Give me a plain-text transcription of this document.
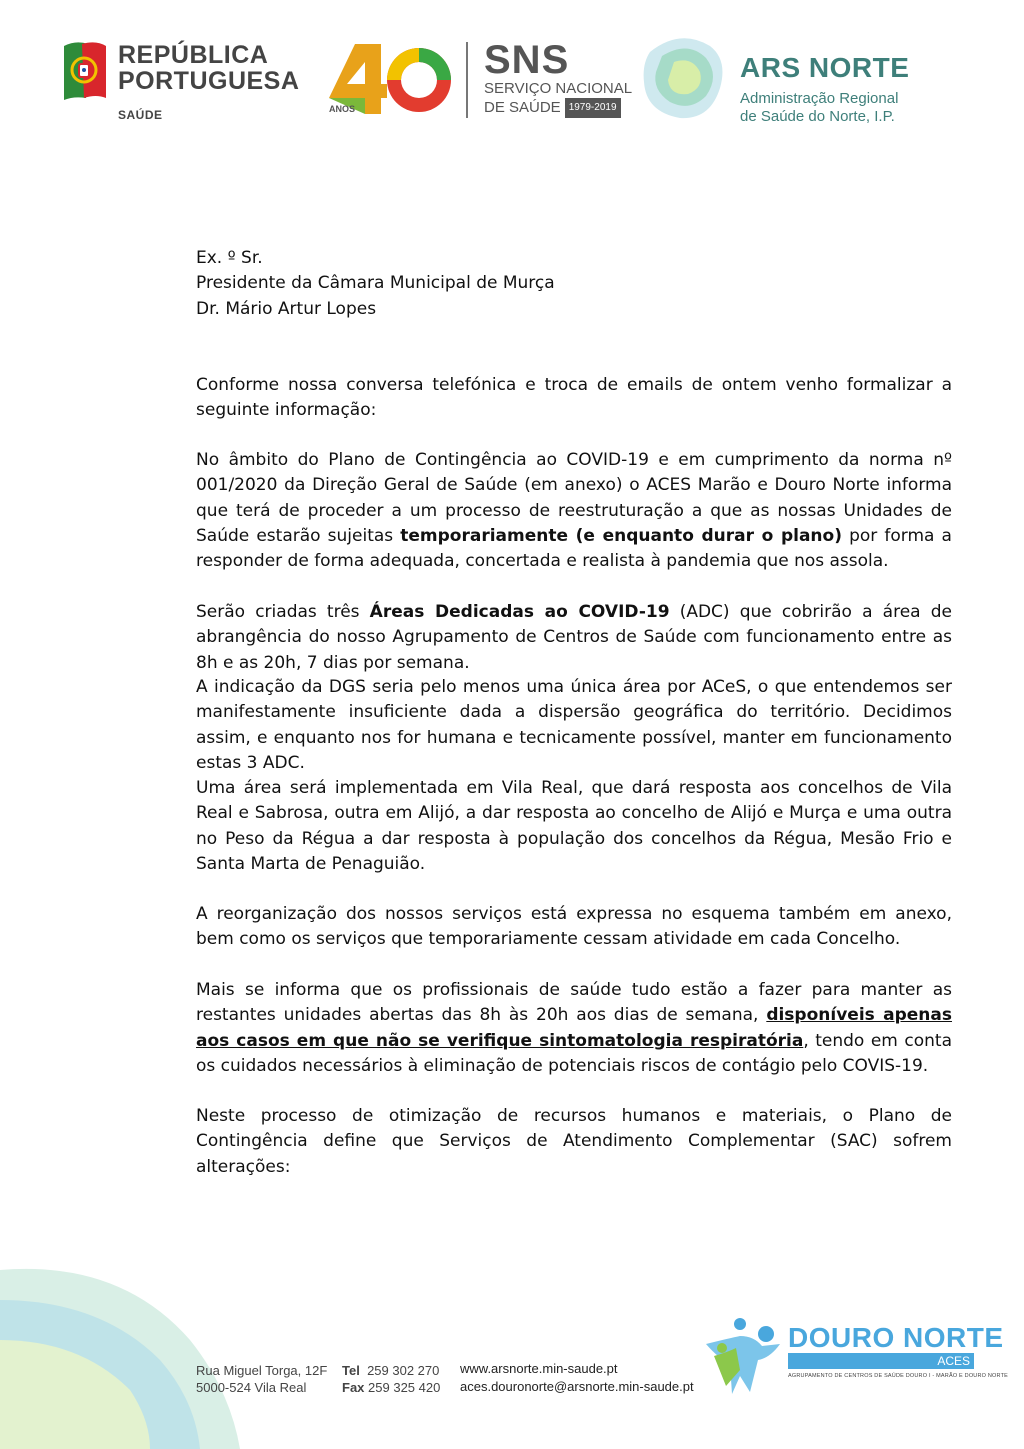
REPÚBLICA
PORTUGUESA
SAÚDE	ANOS
SNS
SERVIÇO NACIONAL
DE SAÚDE 1979-2019
ARS NORTE
Administração Regional
de Saúde do Norte, I.P.
Ex. º Sr.
Presidente da Câmara Municipal de Murça
Dr. Mário Artur Lopes
Conforme nossa conversa telefónica e troca de emails de ontem venho formalizar a seguinte informação:
No âmbito do Plano de Contingência ao COVID-19 e em cumprimento da norma nº 001/2020 da Direção Geral de Saúde (em anexo) o ACES Marão e Douro Norte informa que terá de proceder a um processo de reestruturação a que as nossas Unidades de Saúde estarão sujeitas temporariamente (e enquanto durar o plano) por forma a responder de forma adequada, concertada e realista à pandemia que nos assola.
Serão criadas três Áreas Dedicadas ao COVID-19 (ADC) que cobrirão a área de abrangência do nosso Agrupamento de Centros de Saúde com funcionamento entre as 8h e as 20h, 7 dias por semana.
A indicação da DGS seria pelo menos uma única área por ACeS, o que entendemos ser manifestamente insuficiente dada a dispersão geográfica do território. Decidimos assim, e enquanto nos for humana e tecnicamente possível, manter em funcionamento estas 3 ADC.
Uma área será implementada em Vila Real, que dará resposta aos concelhos de Vila Real e Sabrosa, outra em Alijó, a dar resposta ao concelho de Alijó e Murça e uma outra no Peso da Régua a dar resposta à população dos concelhos da Régua, Mesão Frio e Santa Marta de Penaguião.
A reorganização dos nossos serviços está expressa no esquema também em anexo, bem como os serviços que temporariamente cessam atividade em cada Concelho.
Mais se informa que os profissionais de saúde tudo estão a fazer para manter as restantes unidades abertas das 8h às 20h aos dias de semana, disponíveis apenas aos casos em que não se verifique sintomatologia respiratória, tendo em conta os cuidados necessários à eliminação de potenciais riscos de contágio pelo COVIS-19.
Neste processo de otimização de recursos humanos e materiais, o Plano de Contingência define que Serviços de Atendimento Complementar (SAC) sofrem alterações:
Rua Miguel Torga, 12F
5000-524 Vila Real
Tel 259 302 270
Fax 259 325 420
www.arsnorte.min-saude.pt
aces.douronorte@arsnorte.min-saude.pt
DOURO NORTE
ACES
AGRUPAMENTO DE CENTROS DE SAÚDE DOURO I - MARÃO E DOURO NORTE
